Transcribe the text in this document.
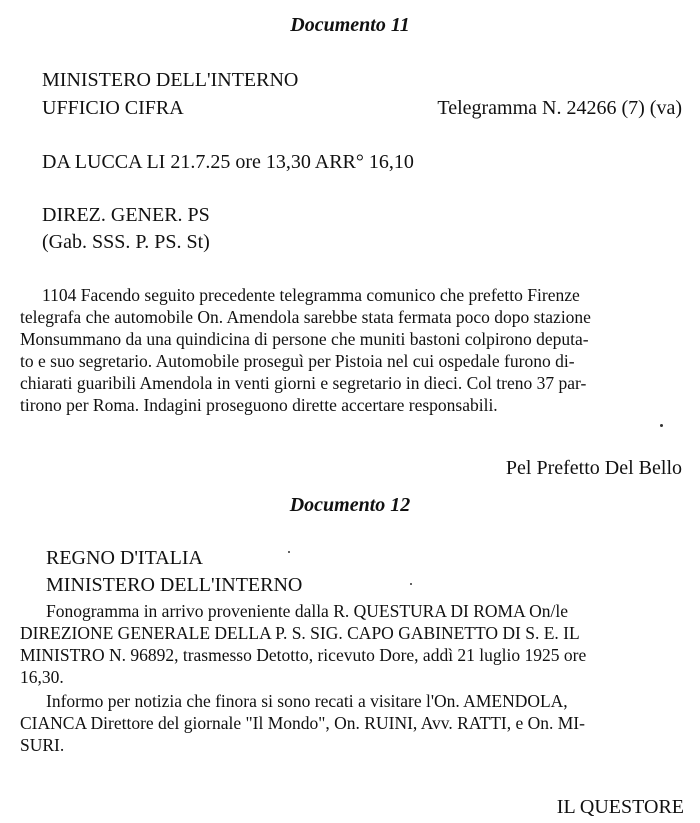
Documento 11
MINISTERO DELL'INTERNO
UFFICIO CIFRA	Telegramma N. 24266 (7) (va)
DA LUCCA LI 21.7.25 ore 13,30 ARR° 16,10
DIREZ. GENER. PS
(Gab. SSS. P. PS. St)
1104 Facendo seguito precedente telegramma comunico che prefetto Firenze
telegrafa che automobile On. Amendola sarebbe stata fermata poco dopo stazione
Monsummano da una quindicina di persone che muniti bastoni colpirono deputa-
to e suo segretario. Automobile proseguì per Pistoia nel cui ospedale furono di-
chiarati guaribili Amendola in venti giorni e segretario in dieci. Col treno 37 par-
tirono per Roma. Indagini proseguono dirette accertare responsabili.
Pel Prefetto Del Bello
Documento 12
REGNO D'ITALIA
MINISTERO DELL'INTERNO
Fonogramma in arrivo proveniente dalla R. QUESTURA DI ROMA On/le
DIREZIONE GENERALE DELLA P. S. SIG. CAPO GABINETTO DI S. E. IL
MINISTRO N. 96892, trasmesso Detotto, ricevuto Dore, addì 21 luglio 1925 ore
16,30.
Informo per notizia che finora si sono recati a visitare l'On. AMENDOLA,
CIANCA Direttore del giornale "Il Mondo", On. RUINI, Avv. RATTI, e On. MI-
SURI.
IL QUESTORE
